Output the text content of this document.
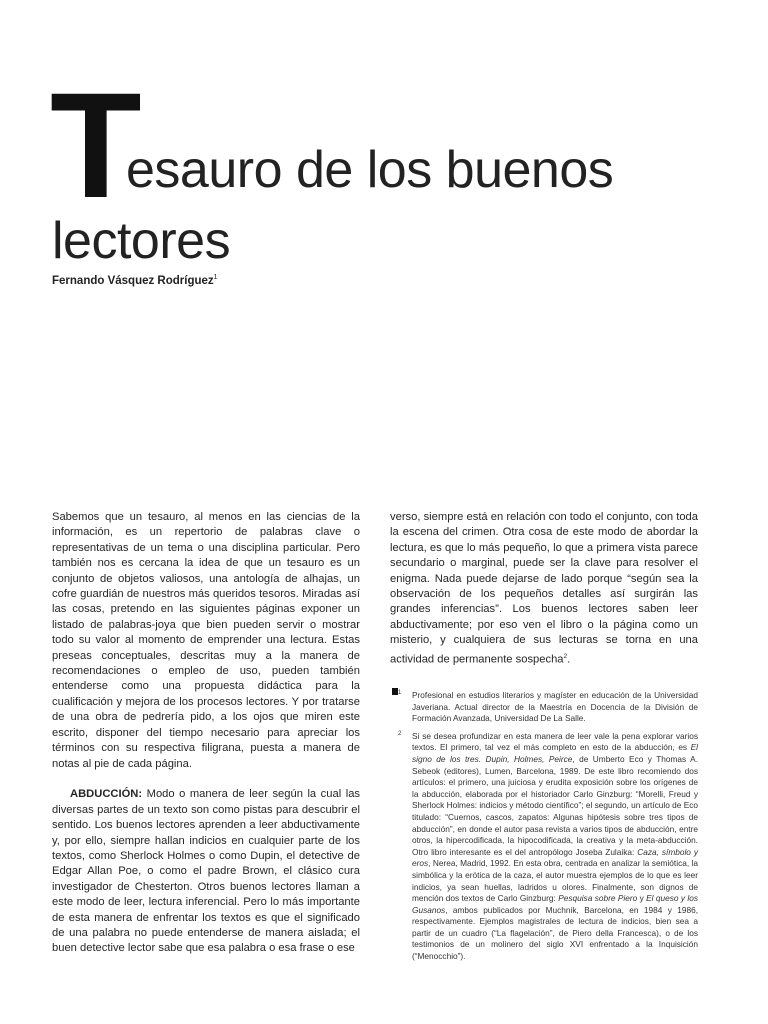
T
esauro de los buenos
lectores
Fernando Vásquez Rodríguez$^1$

Sabemos que un tesauro, al menos en las ciencias de la información, es un repertorio de palabras clave o representativas de un tema o una disciplina particular. Pero también nos es cercana la idea de que un tesauro es un conjunto de objetos valiosos, una antología de alhajas, un cofre guardián de nuestros más queridos tesoros. Miradas así las cosas, pretendo en las siguientes páginas exponer un listado de palabras-joya que bien pueden servir o mostrar todo su valor al momento de emprender una lectura. Estas preseas conceptuales, descritas muy a la manera de recomendaciones o empleo de uso, pueden también entenderse como una propuesta didáctica para la cualificación y mejora de los procesos lectores. Y por tratarse de una obra de pedrería pido, a los ojos que miren este escrito, disponer del tiempo necesario para apreciar los términos con su respectiva filigrana, puesta a manera de notas al pie de cada página.

ABDUCCIÓN: Modo o manera de leer según la cual las diversas partes de un texto son como pistas para descubrir el sentido. Los buenos lectores aprenden a leer abductivamente y, por ello, siempre hallan indicios en cualquier parte de los textos, como Sherlock Holmes o como Dupin, el detective de Edgar Allan Poe, o como el padre Brown, el clásico cura investigador de Chesterton. Otros buenos lectores llaman a este modo de leer, lectura inferencial. Pero lo más importante de esta manera de enfrentar los textos es que el significado de una palabra no puede entenderse de manera aislada; el buen detective lector sabe que esa palabra o esa frase o ese

verso, siempre está en relación con todo el conjunto, con toda la escena del crimen. Otra cosa de este modo de abordar la lectura, es que lo más pequeño, lo que a primera vista parece secundario o marginal, puede ser la clave para resolver el enigma. Nada puede dejarse de lado porque “según sea la observación de los pequeños detalles así surgirán las grandes inferencias”. Los buenos lectores saben leer abductivamente; por eso ven el libro o la página como un misterio, y cualquiera de sus lecturas se torna en una actividad de permanente sospecha$^2$.

1 Profesional en estudios literarios y magíster en educación de la Universidad Javeriana. Actual director de la Maestría en Docencia de la División de Formación Avanzada, Universidad De La Salle.

2 Si se desea profundizar en esta manera de leer vale la pena explorar varios textos. El primero, tal vez el más completo en esto de la abducción, es El signo de los tres. Dupin, Holmes, Peirce, de Umberto Eco y Thomas A. Sebeok (editores), Lumen, Barcelona, 1989. De este libro recomiendo dos artículos: el primero, una juiciosa y erudita exposición sobre los orígenes de la abducción, elaborada por el historiador Carlo Ginzburg: “Morelli, Freud y Sherlock Holmes: indicios y método científico”; el segundo, un artículo de Eco titulado: “Cuernos, cascos, zapatos: Algunas hipótesis sobre tres tipos de abducción”, en donde el autor pasa revista a varios tipos de abducción, entre otros, la hipercodificada, la hipocodificada, la creativa y la meta-abducción. Otro libro interesante es el del antropólogo Joseba Zulaika: Caza, símbolo y eros, Nerea, Madrid, 1992. En esta obra, centrada en analizar la semiótica, la simbólica y la erótica de la caza, el autor muestra ejemplos de lo que es leer indicios, ya sean huellas, ladridos u olores. Finalmente, son dignos de mención dos textos de Carlo Ginzburg: Pesquisa sobre Piero y El queso y los Gusanos, ambos publicados por Muchnik, Barcelona, en 1984 y 1986, respectivamente. Ejemplos magistrales de lectura de indicios, bien sea a partir de un cuadro (“La flagelación”, de Piero della Francesca), o de los testimonios de un molinero del siglo XVI enfrentado a la Inquisición (“Menocchio”).
